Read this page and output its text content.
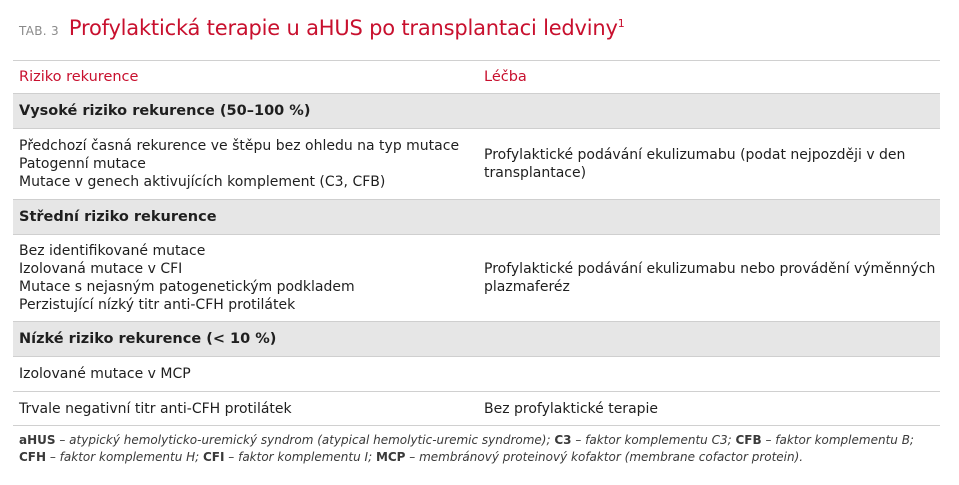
TAB. 3 Profylaktická terapie u aHUS po transplantaci ledviny$^1$
Riziko rekurence	Léčba
Vysoké riziko rekurence (50–100 %)
Předchozí časná rekurence ve štěpu bez ohledu na typ mutace
Patogenní mutace
Mutace v genech aktivujících komplement (C3, CFB)
Profylaktické podávání ekulizumabu (podat nejpozději v den
transplantace)
Střední riziko rekurence
Bez identifikované mutace
Izolovaná mutace v CFI
Mutace s nejasným patogenetickým podkladem
Perzistující nízký titr anti-CFH protilátek
Profylaktické podávání ekulizumabu nebo provádění výměnných
plazmaferéz
Nízké riziko rekurence (< 10 %)
Izolované mutace v MCP
Trvale negativní titr anti-CFH protilátek	Bez profylaktické terapie
aHUS – atypický hemolyticko-uremický syndrom (atypical hemolytic-uremic syndrome); C3 – faktor komplementu C3; CFB – faktor komplementu B; CFH – faktor komplementu H; CFI – faktor komplementu I; MCP – membránový proteinový kofaktor (membrane cofactor protein).
